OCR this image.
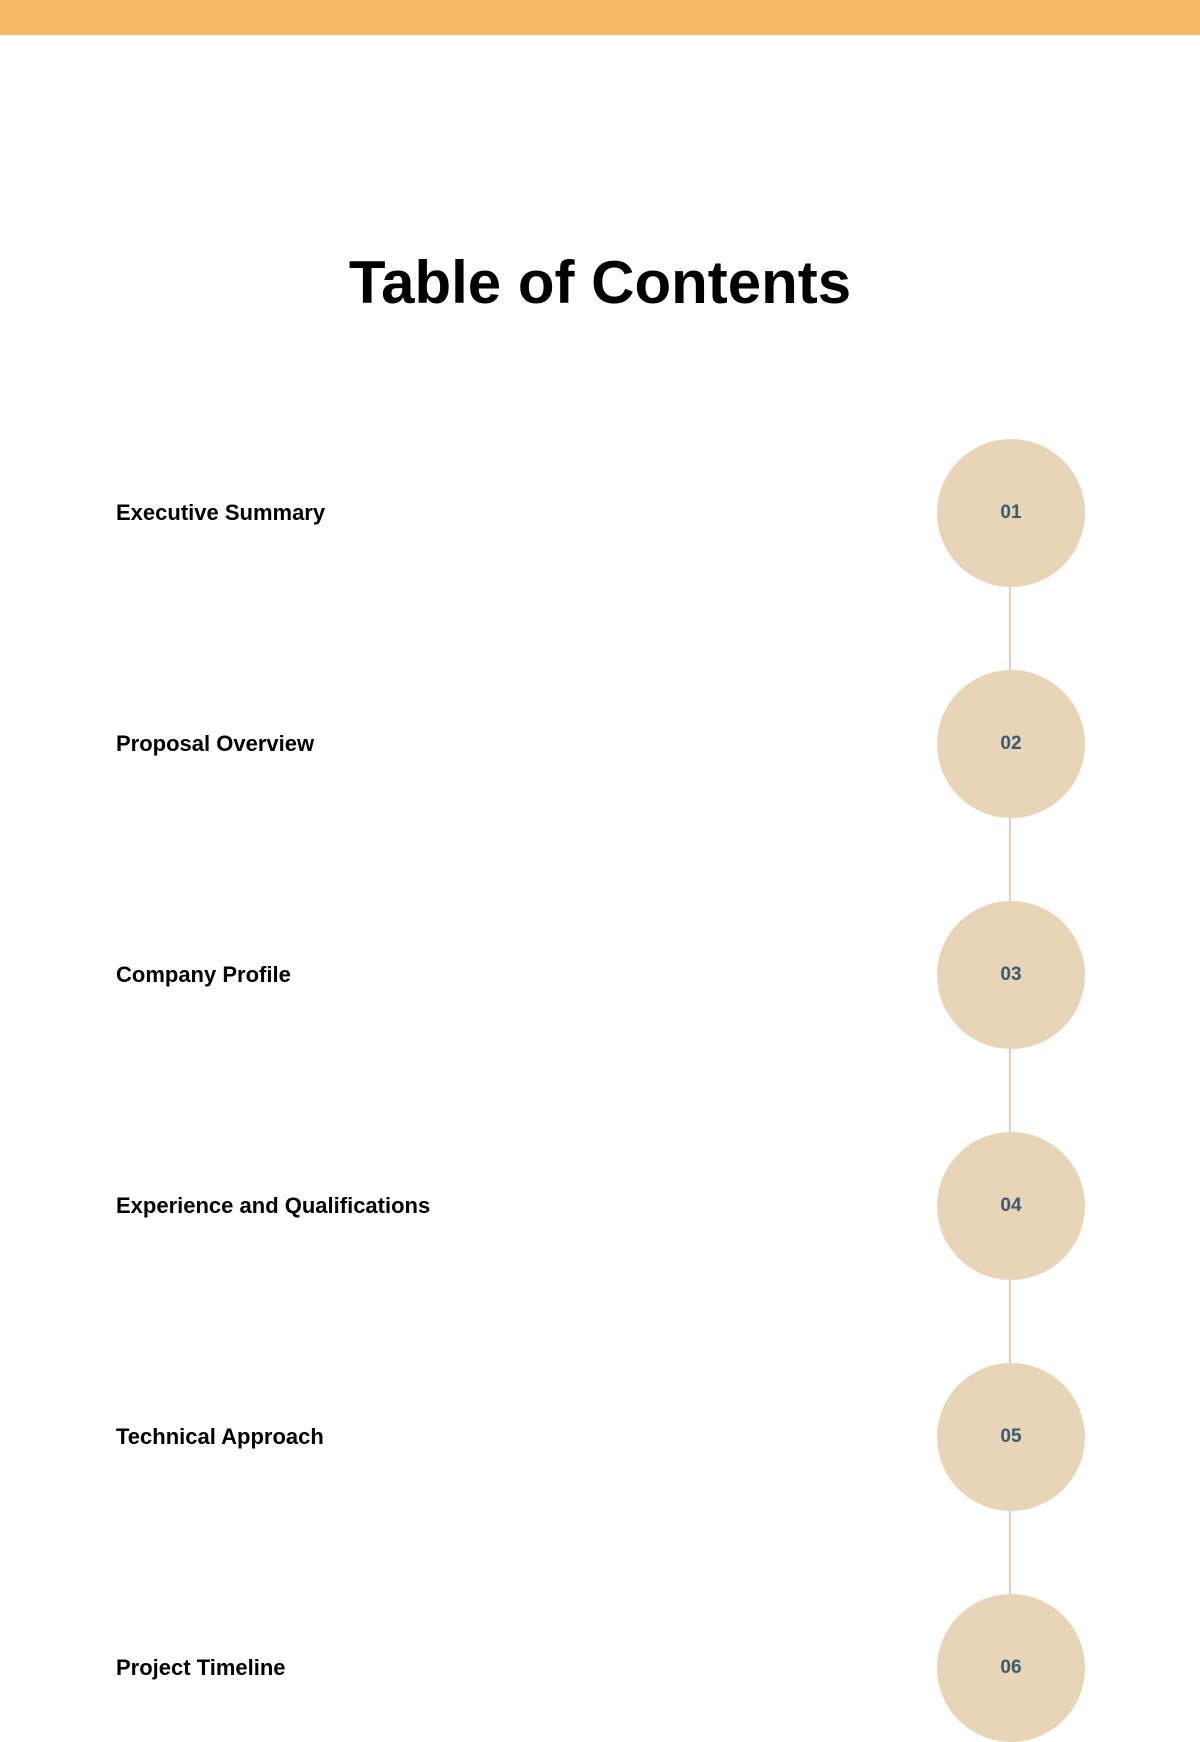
Table of Contents
Executive Summary	01
Proposal Overview	02
Company Profile	03
Experience and Qualifications	04
Technical Approach	05
Project Timeline	06
